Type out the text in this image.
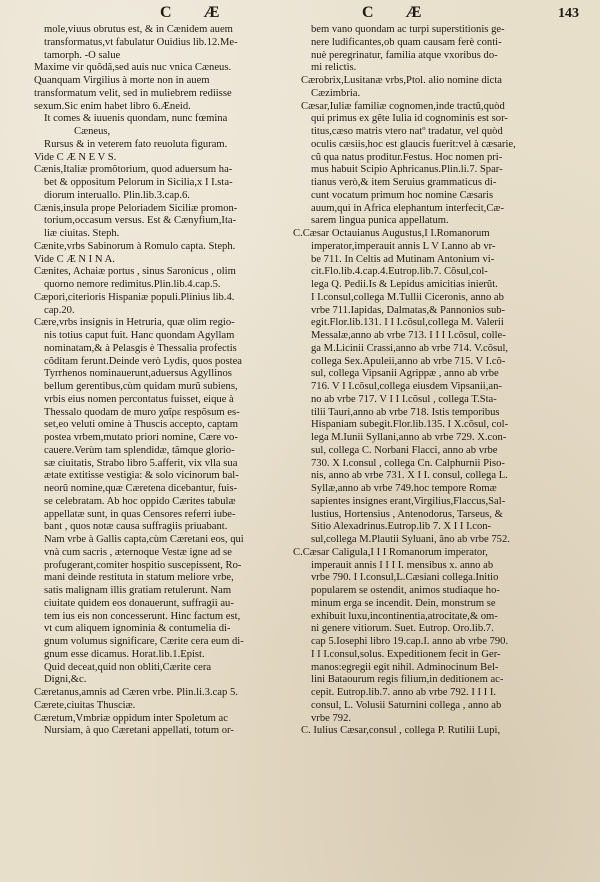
C Æ	C Æ	143
mole,viuus obrutus est, & in Cænidem auem
transformatus,vt fabulatur Ouidius lib.12.Me-
tamorph. -O salue
Maxime vir quõdã,sed auis nuc vnica Cæneus.
Quanquam Virgilius à morte non in auem
transformatum velit, sed in muliebrem rediisse
sexum.Sic enim habet libro 6.Æneid.
It comes & iuuenis quondam, nunc fœmina
Cæneus,
Rursus & in veterem fato reuoluta figuram.
Vide C Æ N E V S.
Cænis,Italiæ promõtorium, quod aduersum ha-
bet & oppositum Pelorum in Sicilia,x I I.sta-
diorum interuallo. Plin.lib.3.cap.6.
Cænis,insula prope Peloriadem Siciliæ promon-
torium,occasum versus. Est & Cænyfium,Ita-
liæ ciuitas. Steph.
Cænite,vrbs Sabinorum à Romulo capta. Steph.
Vide C Æ N I N A.
Cænites, Achaiæ portus , sinus Saronicus , olim
quorno nemore redimitus.Plin.lib.4.cap.5.
Cæpori,citerioris Hispaniæ populi.Plinius lib.4.
cap.20.
Cære,vrbs insignis in Hetruria, quæ olim regio-
nis totius caput fuit. Hanc quondam Agyllam
nominatam,& à Pelasgis è Thessalia profectis
cõditam ferunt.Deinde verò Lydis, quos postea
Tyrrhenos nominauerunt,aduersus Agyllinos
bellum gerentibus,cùm quidam murũ subiens,
vrbis eius nomen percontatus fuisset, eique à
Thessalo quodam de muro χαῖρε respõsum es-
set,eo veluti omine à Thuscis accepto, captam
postea vrbem,mutato priori nomine, Cære vo-
cauere.Verùm tam splendidæ, tãmque glorio-
sæ ciuitatis, Strabo libro 5.afferit, vix vlla sua
ætate extitisse vestigia: & solo vicinorum bal-
neorũ nomine,quæ Cæretena dicebantur, fuis-
se celebratam. Ab hoc oppido Cærites tabulæ
appellatæ sunt, in quas Censores referri iube-
bant , quos notæ causa suffragiis priuabant.
Nam vrbe à Gallis capta,cùm Cæretani eos, qui
vnà cum sacris , æternoque Vestæ igne ad se
profugerant,comiter hospitio suscepissent, Ro-
mani deinde restituta in statum meliore vrbe,
satis malignam illis gratiam retulerunt. Nam
ciuitate quidem eos donauerunt, suffragii au-
tem ius eis non concesserunt. Hinc factum est,
vt cum aliquem ignominia & contumelia di-
gnum volumus significare, Cærite cera eum di-
gnum esse dicamus. Horat.lib.1.Epist.
Quid deceat,quid non obliti,Cærite cera
Digni,&c.
Cæretanus,amnis ad Cæren vrbe. Plin.li.3.cap 5.
Cærete,ciuitas Thusciæ.
Cæretum,Vmbriæ oppidum inter Spoletum ac
Nursiam, à quo Cæretani appellati, totum or-
bem vano quondam ac turpi superstitionis ge-
nere ludificantes,ob quam causam ferè conti-
nuè peregrinatur, familia atque vxoribus do-
mi relictis.
Cærobrix,Lusitanæ vrbs,Ptol. alio nomine dicta
Cæzimbria.
Cæsar,Iuliæ familiæ cognomen,inde tractũ,quòd
qui primus ex gête Iulia id cognominis est sor-
titus,cæso matris vtero natº tradatur, vel quòd
oculis cæsiis,hoc est glaucis fuerit:vel à cæsarie,
cũ qua natus proditur.Festus. Hoc nomen pri-
mus habuit Scipio Aphricanus.Plin.li.7. Spar-
tianus verò,& item Seruius grammaticus di-
cunt vocatum primum hoc nomine Cæsaris
auum,qui in Africa elephantum interfecit,Cæ-
sarem lingua punica appellatum.
C.Cæsar Octauianus Augustus,I I.Romanorum
imperator,imperauit annis L V I.anno ab vr-
be 711. In Celtis ad Mutinam Antonium vi-
cit.Flo.lib.4.cap.4.Eutrop.lib.7. Cõsul,col-
lega Q. Pedii.Is & Lepidus amicitias inierũt.
I I.consul,collega M.Tullii Ciceronis, anno ab
vrbe 711.Iapidas, Dalmatas,& Pannonios sub-
egit.Flor.lib.131. I I I.cõsul,collega M. Valerii
Messalæ,anno ab vrbe 713. I I I I.cõsul, colle-
ga M.Licinii Crassi,anno ab vrbe 714. V.cõsul,
collega Sex.Apuleii,anno ab vrbe 715. V I.cõ-
sul, collega Vipsanii Agrippæ , anno ab vrbe
716. V I I.cõsul,collega eiusdem Vipsanii,an-
no ab vrbe 717. V I I I.cõsul , collega T.Sta-
tilii Tauri,anno ab vrbe 718. Istis temporibus
Hispaniam subegit.Flor.lib.135. I X.cõsul, col-
lega M.Iunii Syllani,anno ab vrbe 729. X.con-
sul, collega C. Norbani Flacci, anno ab vrbe
730. X I.consul , collega Cn. Calphurnii Piso-
nis, anno ab vrbe 731. X I I. consul, collega L.
Syllæ,anno ab vrbe 749.hoc tempore Romæ
sapientes insignes erant,Virgilius,Flaccus,Sal-
lustius, Hortensius , Antenodorus, Tarseus, &
Sitio Alexadrinus.Eutrop.lib 7. X I I I.con-
sul,collega M.Plautii Syluani, ãno ab vrbe 752.
C.Cæsar Caligula,I I I Romanorum imperator,
imperauit annis I I I I. mensibus x. anno ab
vrbe 790. I I.consul,L.Cæsiani collega.Initio
popularem se ostendit, animos studiaque ho-
minum erga se incendit. Dein, monstrum se
exhibuit luxu,incontinentia,atrocitate,& om-
ni genere vitiorum. Suet. Eutrop. Oro.lib.7.
cap 5.Iosephi libro 19.cap.I. anno ab vrbe 790.
I I I.consul,solus. Expeditionem fecit in Ger-
manos:egregii egit nihil. Adminocinum Bel-
lini Bataourum regis filium,in deditionem ac-
cepit. Eutrop.lib.7. anno ab vrbe 792. I I I I.
consul, L. Volusii Saturnini collega , anno ab
vrbe 792.
C. Iulius Cæsar,consul , collega P. Rutilii Lupi,
